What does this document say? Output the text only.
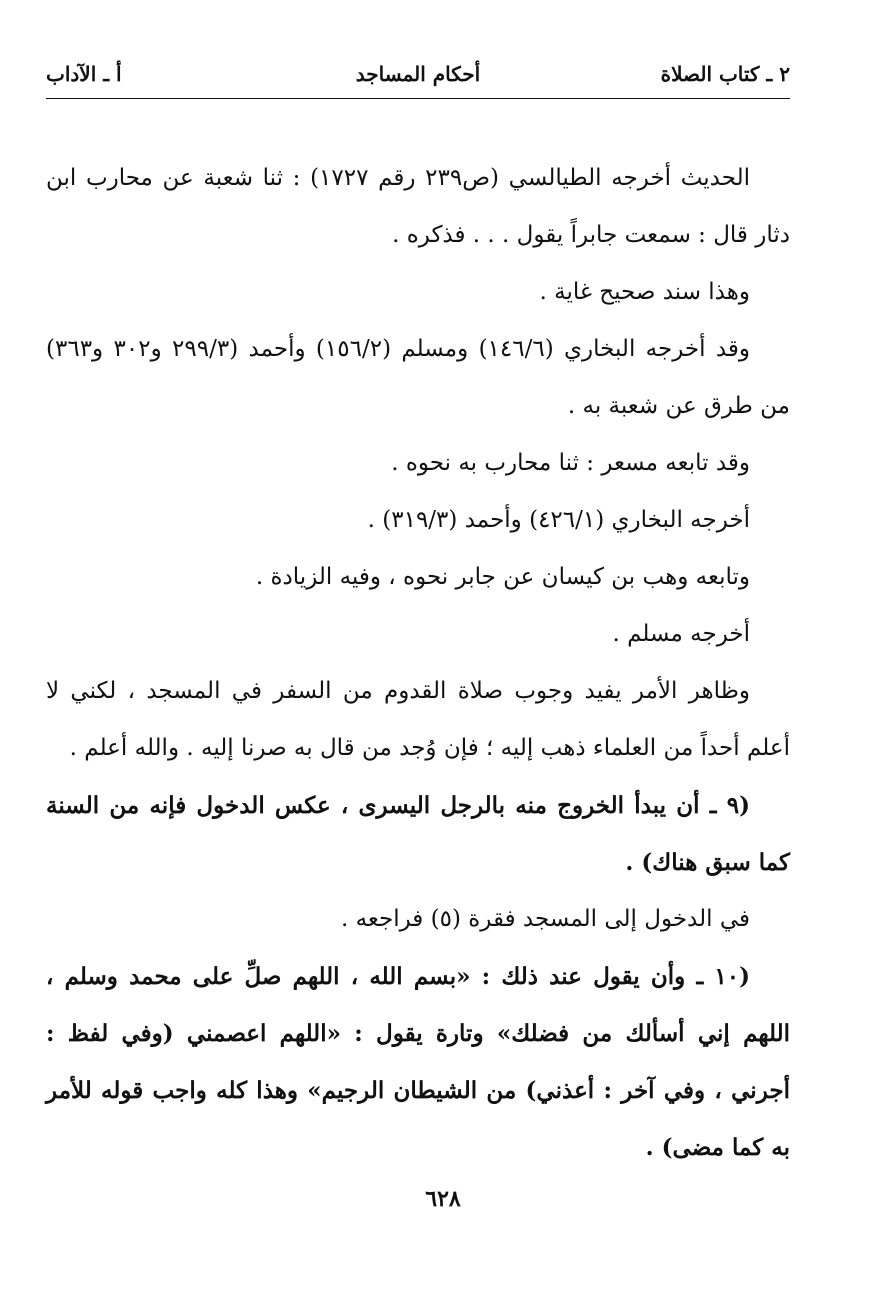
٢ ـ كتاب الصلاة
أحكام المساجد
أ ـ الآداب

الحديث أخرجه الطيالسي (ص٢٣٩ رقم ١٧٢٧) : ثنا شعبة عن محارب ابن دثار قال : سمعت جابراً يقول . . . فذكره .

وهذا سند صحيح غاية .

وقد أخرجه البخاري (١٤٦/٦) ومسلم (١٥٦/٢) وأحمد (٢٩٩/٣ و٣٠٢ و٣٦٣) من طرق عن شعبة به .

وقد تابعه مسعر : ثنا محارب به نحوه .

أخرجه البخاري (٤٢٦/١) وأحمد (٣١٩/٣) .

وتابعه وهب بن كيسان عن جابر نحوه ، وفيه الزيادة .

أخرجه مسلم .

وظاهر الأمر يفيد وجوب صلاة القدوم من السفر في المسجد ، لكني لا أعلم أحداً من العلماء ذهب إليه ؛ فإن وُجد من قال به صرنا إليه . والله أعلم .

(٩ ـ أن يبدأ الخروج منه بالرجل اليسرى ، عكس الدخول فإنه من السنة كما سبق هناك) .

في الدخول إلى المسجد فقرة (٥) فراجعه .

(١٠ ـ وأن يقول عند ذلك : «بسم الله ، اللهم صلِّ على محمد وسلم ، اللهم إني أسألك من فضلك» وتارة يقول : «اللهم اعصمني (وفي لفظ : أجرني ، وفي آخر : أعذني) من الشيطان الرجيم» وهذا كله واجب قوله للأمر به كما مضى) .

٦٢٨
